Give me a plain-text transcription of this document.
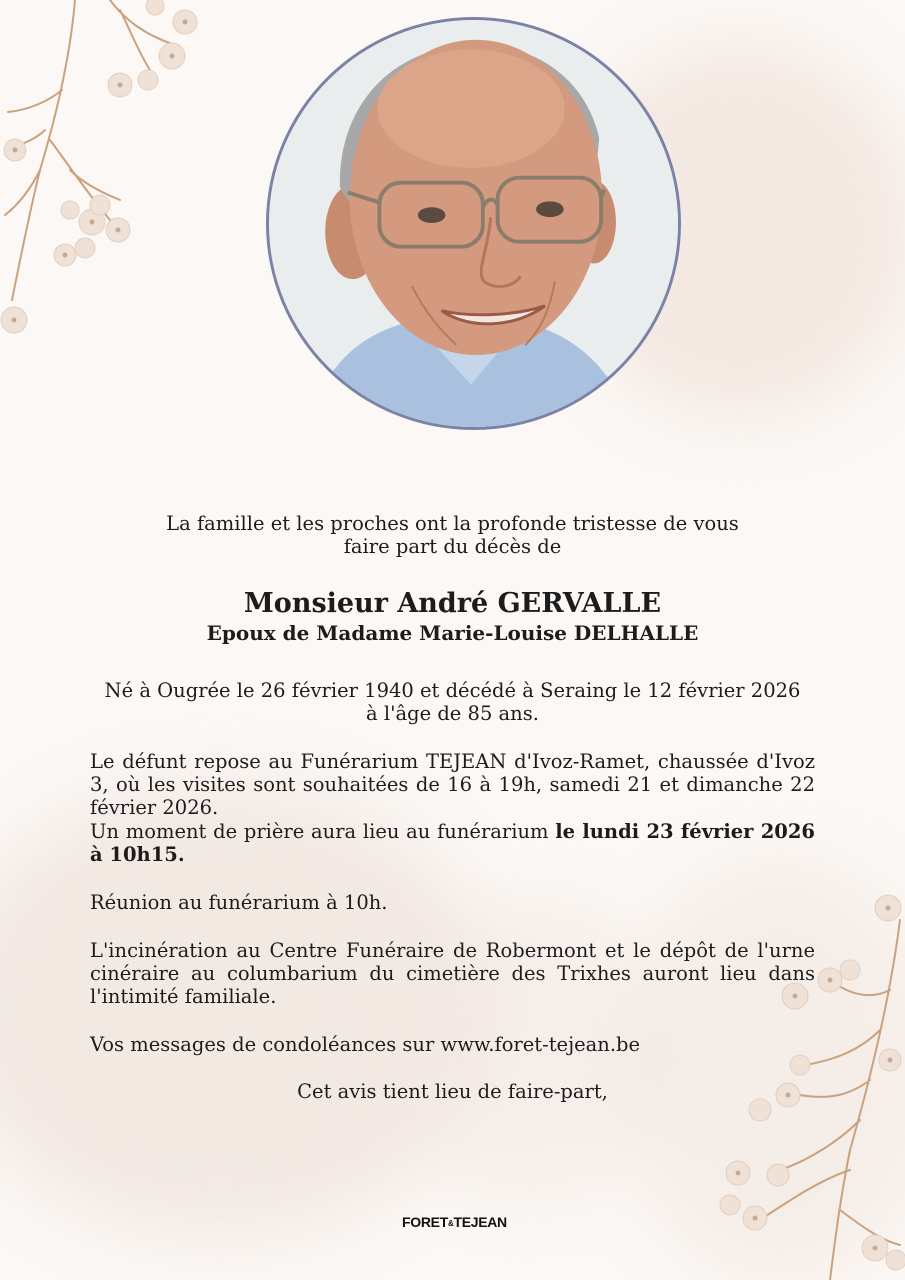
La famille et les proches ont la profonde tristesse de vous
faire part du décès de
Monsieur André GERVALLE
Epoux de Madame Marie-Louise DELHALLE
Né à Ougrée le 26 février 1940 et décédé à Seraing le 12 février 2026
à l'âge de 85 ans.
Le défunt repose au Funérarium TEJEAN d'Ivoz-Ramet, chaussée d'Ivoz 3, où les visites sont souhaitées de 16 à 19h, samedi 21 et dimanche 22 février 2026.
Un moment de prière aura lieu au funérarium le lundi 23 février 2026 à 10h15.
Réunion au funérarium à 10h.
L'incinération au Centre Funéraire de Robermont et le dépôt de l'urne cinéraire au columbarium du cimetière des Trixhes auront lieu dans l'intimité familiale.
Vos messages de condoléances sur www.foret-tejean.be
Cet avis tient lieu de faire-part,
FORET&TEJEAN
